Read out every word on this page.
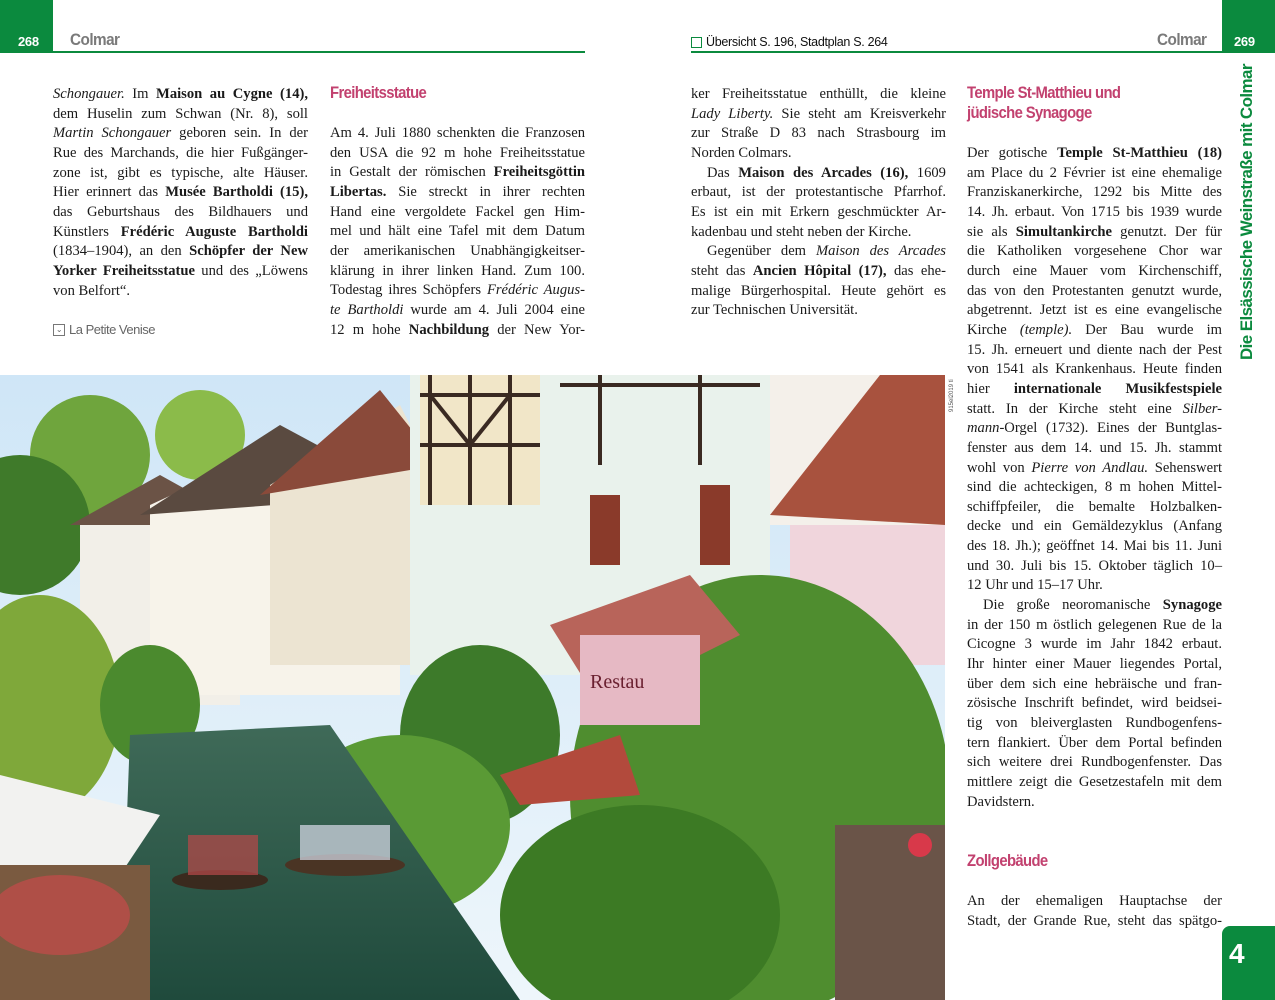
268 Colmar	Übersicht S. 196, Stadtplan S. 264	Colmar 269
Schongauer. Im Maison au Cygne (14),
dem Huselin zum Schwan (Nr. 8), soll
Martin Schongauer geboren sein. In der
Rue des Marchands, die hier Fußgänger-
zone ist, gibt es typische, alte Häuser.
Hier erinnert das Musée Bartholdi (15),
das Geburtshaus des Bildhauers und
Künstlers Frédéric Auguste Bartholdi
(1834–1904), an den Schöpfer der New
Yorker Freiheitsstatue und des „Löwens
von Belfort“.
⌄ La Petite Venise
Freiheitsstatue
Am 4. Juli 1880 schenkten die Franzosen
den USA die 92 m hohe Freiheitsstatue
in Gestalt der römischen Freiheitsgöttin
Libertas. Sie streckt in ihrer rechten
Hand eine vergoldete Fackel gen Him-
mel und hält eine Tafel mit dem Datum
der amerikanischen Unabhängigkeitser-
klärung in ihrer linken Hand. Zum 100.
Todestag ihres Schöpfers Frédéric Augus-
te Bartholdi wurde am 4. Juli 2004 eine
12 m hohe Nachbildung der New Yor-
ker Freiheitsstatue enthüllt, die kleine
Lady Liberty. Sie steht am Kreisverkehr
zur Straße D 83 nach Strasbourg im
Norden Colmars.
Das Maison des Arcades (16), 1609
erbaut, ist der protestantische Pfarrhof.
Es ist ein mit Erkern geschmückter Ar-
kadenbau und steht neben der Kirche.
Gegenüber dem Maison des Arcades
steht das Ancien Hôpital (17), das ehe-
malige Bürgerhospital. Heute gehört es
zur Technischen Universität.
Temple St-Matthieu und
jüdische Synagoge
Der gotische Temple St-Matthieu (18)
am Place du 2 Février ist eine ehemalige
Franziskanerkirche, 1292 bis Mitte des
14. Jh. erbaut. Von 1715 bis 1939 wurde
sie als Simultankirche genutzt. Der für
die Katholiken vorgesehene Chor war
durch eine Mauer vom Kirchenschiff,
das von den Protestanten genutzt wurde,
abgetrennt. Jetzt ist es eine evangelische
Kirche (temple). Der Bau wurde im
15. Jh. erneuert und diente nach der Pest
von 1541 als Krankenhaus. Heute finden
hier internationale Musikfestspiele
statt. In der Kirche steht eine Silber-
mann-Orgel (1732). Eines der Buntglas-
fenster aus dem 14. und 15. Jh. stammt
wohl von Pierre von Andlau. Sehenswert
sind die achteckigen, 8 m hohen Mittel-
schiffpfeiler, die bemalte Holzbalken-
decke und ein Gemäldezyklus (Anfang
des 18. Jh.); geöffnet 14. Mai bis 11. Juni
und 30. Juli bis 15. Oktober täglich 10–
12 Uhr und 15–17 Uhr.
Die große neoromanische Synagoge
in der 150 m östlich gelegenen Rue de la
Cicogne 3 wurde im Jahr 1842 erbaut.
Ihr hinter einer Mauer liegendes Portal,
über dem sich eine hebräische und fran-
zösische Inschrift befindet, wird beidsei-
tig von bleiverglasten Rundbogenfens-
tern flankiert. Über dem Portal befinden
sich weitere drei Rundbogenfenster. Das
mittlere zeigt die Gesetzestafeln mit dem
Davidstern.
Zollgebäude
An der ehemaligen Hauptachse der
Stadt, der Grande Rue, steht das spätgo-
Die Elsässische Weinstraße mit Colmar
4
915el2019 ti
Restau
